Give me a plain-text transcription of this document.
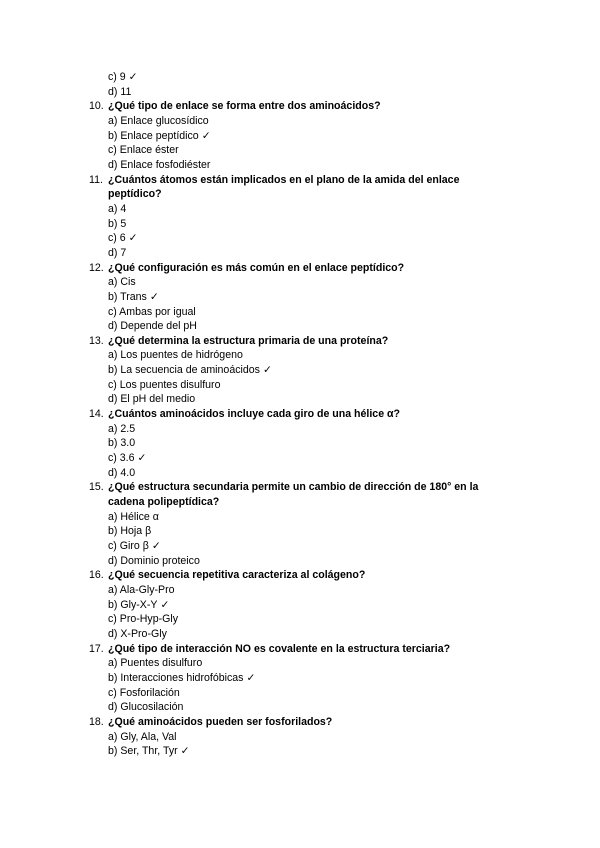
c) 9 ✓
d) 11
10. ¿Qué tipo de enlace se forma entre dos aminoácidos?
a) Enlace glucosídico
b) Enlace peptídico ✓
c) Enlace éster
d) Enlace fosfodiéster
11. ¿Cuántos átomos están implicados en el plano de la amida del enlace peptídico?
a) 4
b) 5
c) 6 ✓
d) 7
12. ¿Qué configuración es más común en el enlace peptídico?
a) Cis
b) Trans ✓
c) Ambas por igual
d) Depende del pH
13. ¿Qué determina la estructura primaria de una proteína?
a) Los puentes de hidrógeno
b) La secuencia de aminoácidos ✓
c) Los puentes disulfuro
d) El pH del medio
14. ¿Cuántos aminoácidos incluye cada giro de una hélice α?
a) 2.5
b) 3.0
c) 3.6 ✓
d) 4.0
15. ¿Qué estructura secundaria permite un cambio de dirección de 180° en la cadena polipeptídica?
a) Hélice α
b) Hoja β
c) Giro β ✓
d) Dominio proteico
16. ¿Qué secuencia repetitiva caracteriza al colágeno?
a) Ala-Gly-Pro
b) Gly-X-Y ✓
c) Pro-Hyp-Gly
d) X-Pro-Gly
17. ¿Qué tipo de interacción NO es covalente en la estructura terciaria?
a) Puentes disulfuro
b) Interacciones hidrofóbicas ✓
c) Fosforilación
d) Glucosilación
18. ¿Qué aminoácidos pueden ser fosforilados?
a) Gly, Ala, Val
b) Ser, Thr, Tyr ✓
